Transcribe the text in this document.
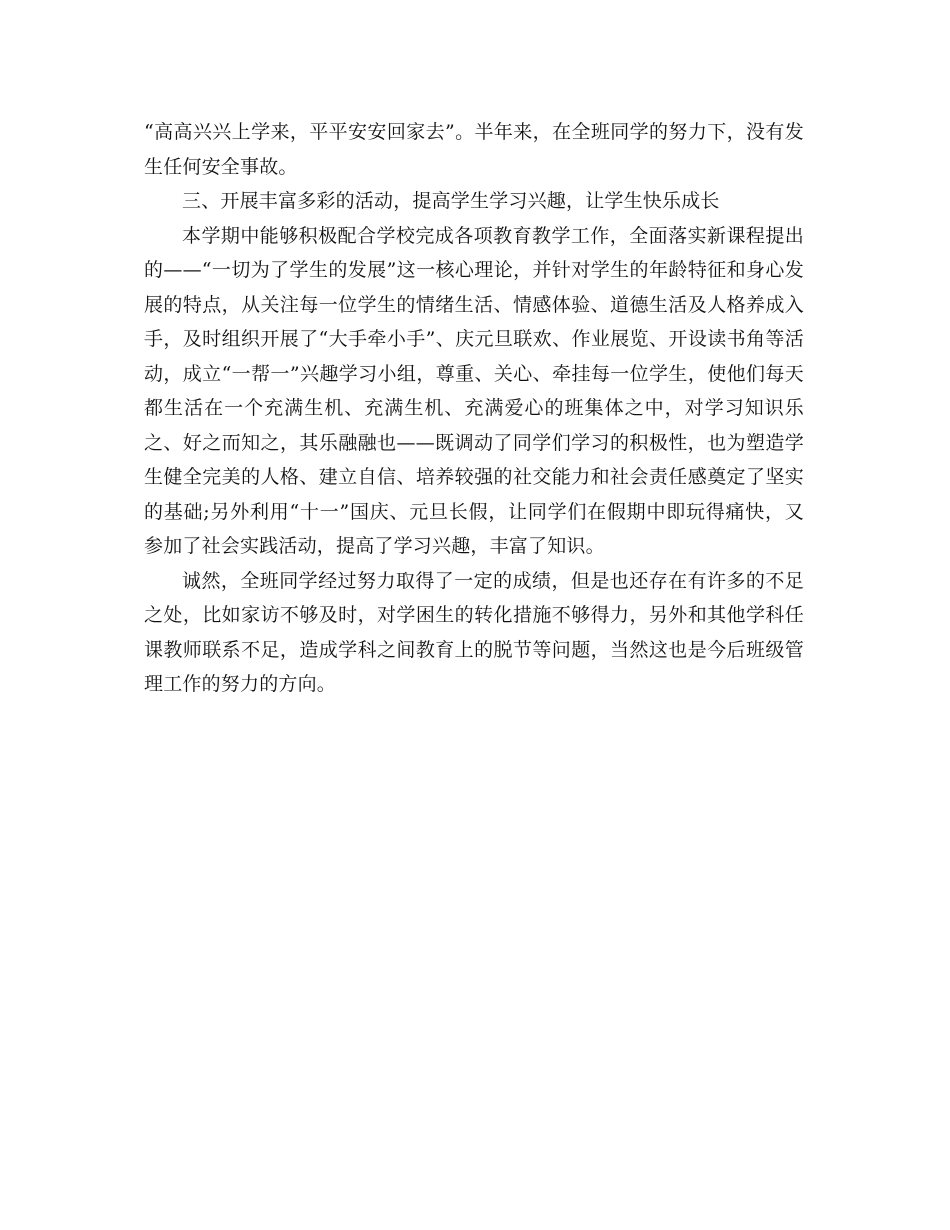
“高高兴兴上学来，平平安安回家去”。半年来，在全班同学的努力下，没有发生任何安全事故。

三、开展丰富多彩的活动，提高学生学习兴趣，让学生快乐成长

本学期中能够积极配合学校完成各项教育教学工作，全面落实新课程提出的——“一切为了学生的发展”这一核心理论，并针对学生的年龄特征和身心发展的特点，从关注每一位学生的情绪生活、情感体验、道德生活及人格养成入手，及时组织开展了“大手牵小手”、庆元旦联欢、作业展览、开设读书角等活动，成立“一帮一”兴趣学习小组，尊重、关心、牵挂每一位学生，使他们每天都生活在一个充满生机、充满生机、充满爱心的班集体之中，对学习知识乐之、好之而知之，其乐融融也——既调动了同学们学习的积极性，也为塑造学生健全完美的人格、建立自信、培养较强的社交能力和社会责任感奠定了坚实的基础;另外利用“十一”国庆、元旦长假，让同学们在假期中即玩得痛快，又参加了社会实践活动，提高了学习兴趣，丰富了知识。

诚然，全班同学经过努力取得了一定的成绩，但是也还存在有许多的不足之处，比如家访不够及时，对学困生的转化措施不够得力，另外和其他学科任课教师联系不足，造成学科之间教育上的脱节等问题，当然这也是今后班级管理工作的努力的方向。
